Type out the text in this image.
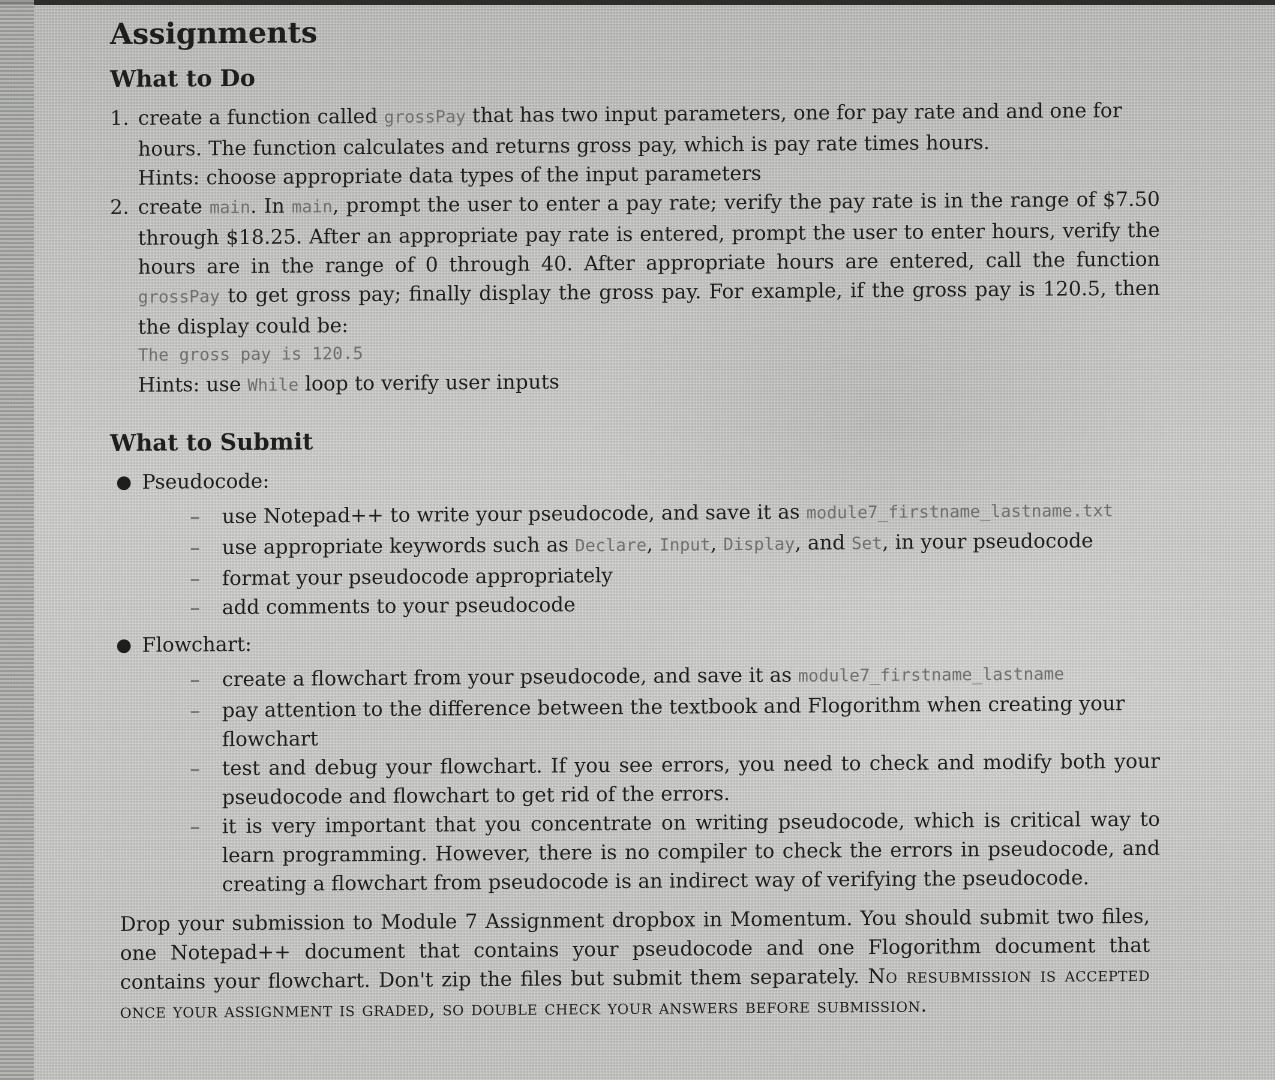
Assignments
What to Do
1. create a function called grossPay that has two input parameters, one for pay rate and and one for hours. The function calculates and returns gross pay, which is pay rate times hours.
Hints: choose appropriate data types of the input parameters
2. create main. In main, prompt the user to enter a pay rate; verify the pay rate is in the range of $7.50 through $18.25. After an appropriate pay rate is entered, prompt the user to enter hours, verify the hours are in the range of 0 through 40. After appropriate hours are entered, call the function grossPay to get gross pay; finally display the gross pay. For example, if the gross pay is 120.5, then the display could be:
The gross pay is 120.5
Hints: use While loop to verify user inputs
What to Submit
● Pseudocode:
– use Notepad++ to write your pseudocode, and save it as module7_firstname_lastname.txt
– use appropriate keywords such as Declare, Input, Display, and Set, in your pseudocode
– format your pseudocode appropriately
– add comments to your pseudocode
● Flowchart:
– create a flowchart from your pseudocode, and save it as module7_firstname_lastname
– pay attention to the difference between the textbook and Flogorithm when creating your flowchart
– test and debug your flowchart. If you see errors, you need to check and modify both your pseudocode and flowchart to get rid of the errors.
– it is very important that you concentrate on writing pseudocode, which is critical way to learn programming. However, there is no compiler to check the errors in pseudocode, and creating a flowchart from pseudocode is an indirect way of verifying the pseudocode.

Drop your submission to Module 7 Assignment dropbox in Momentum. You should submit two files, one Notepad++ document that contains your pseudocode and one Flogorithm document that contains your flowchart. Don't zip the files but submit them separately. No resubmission is accepted once your assignment is graded, so double check your answers before submission.
